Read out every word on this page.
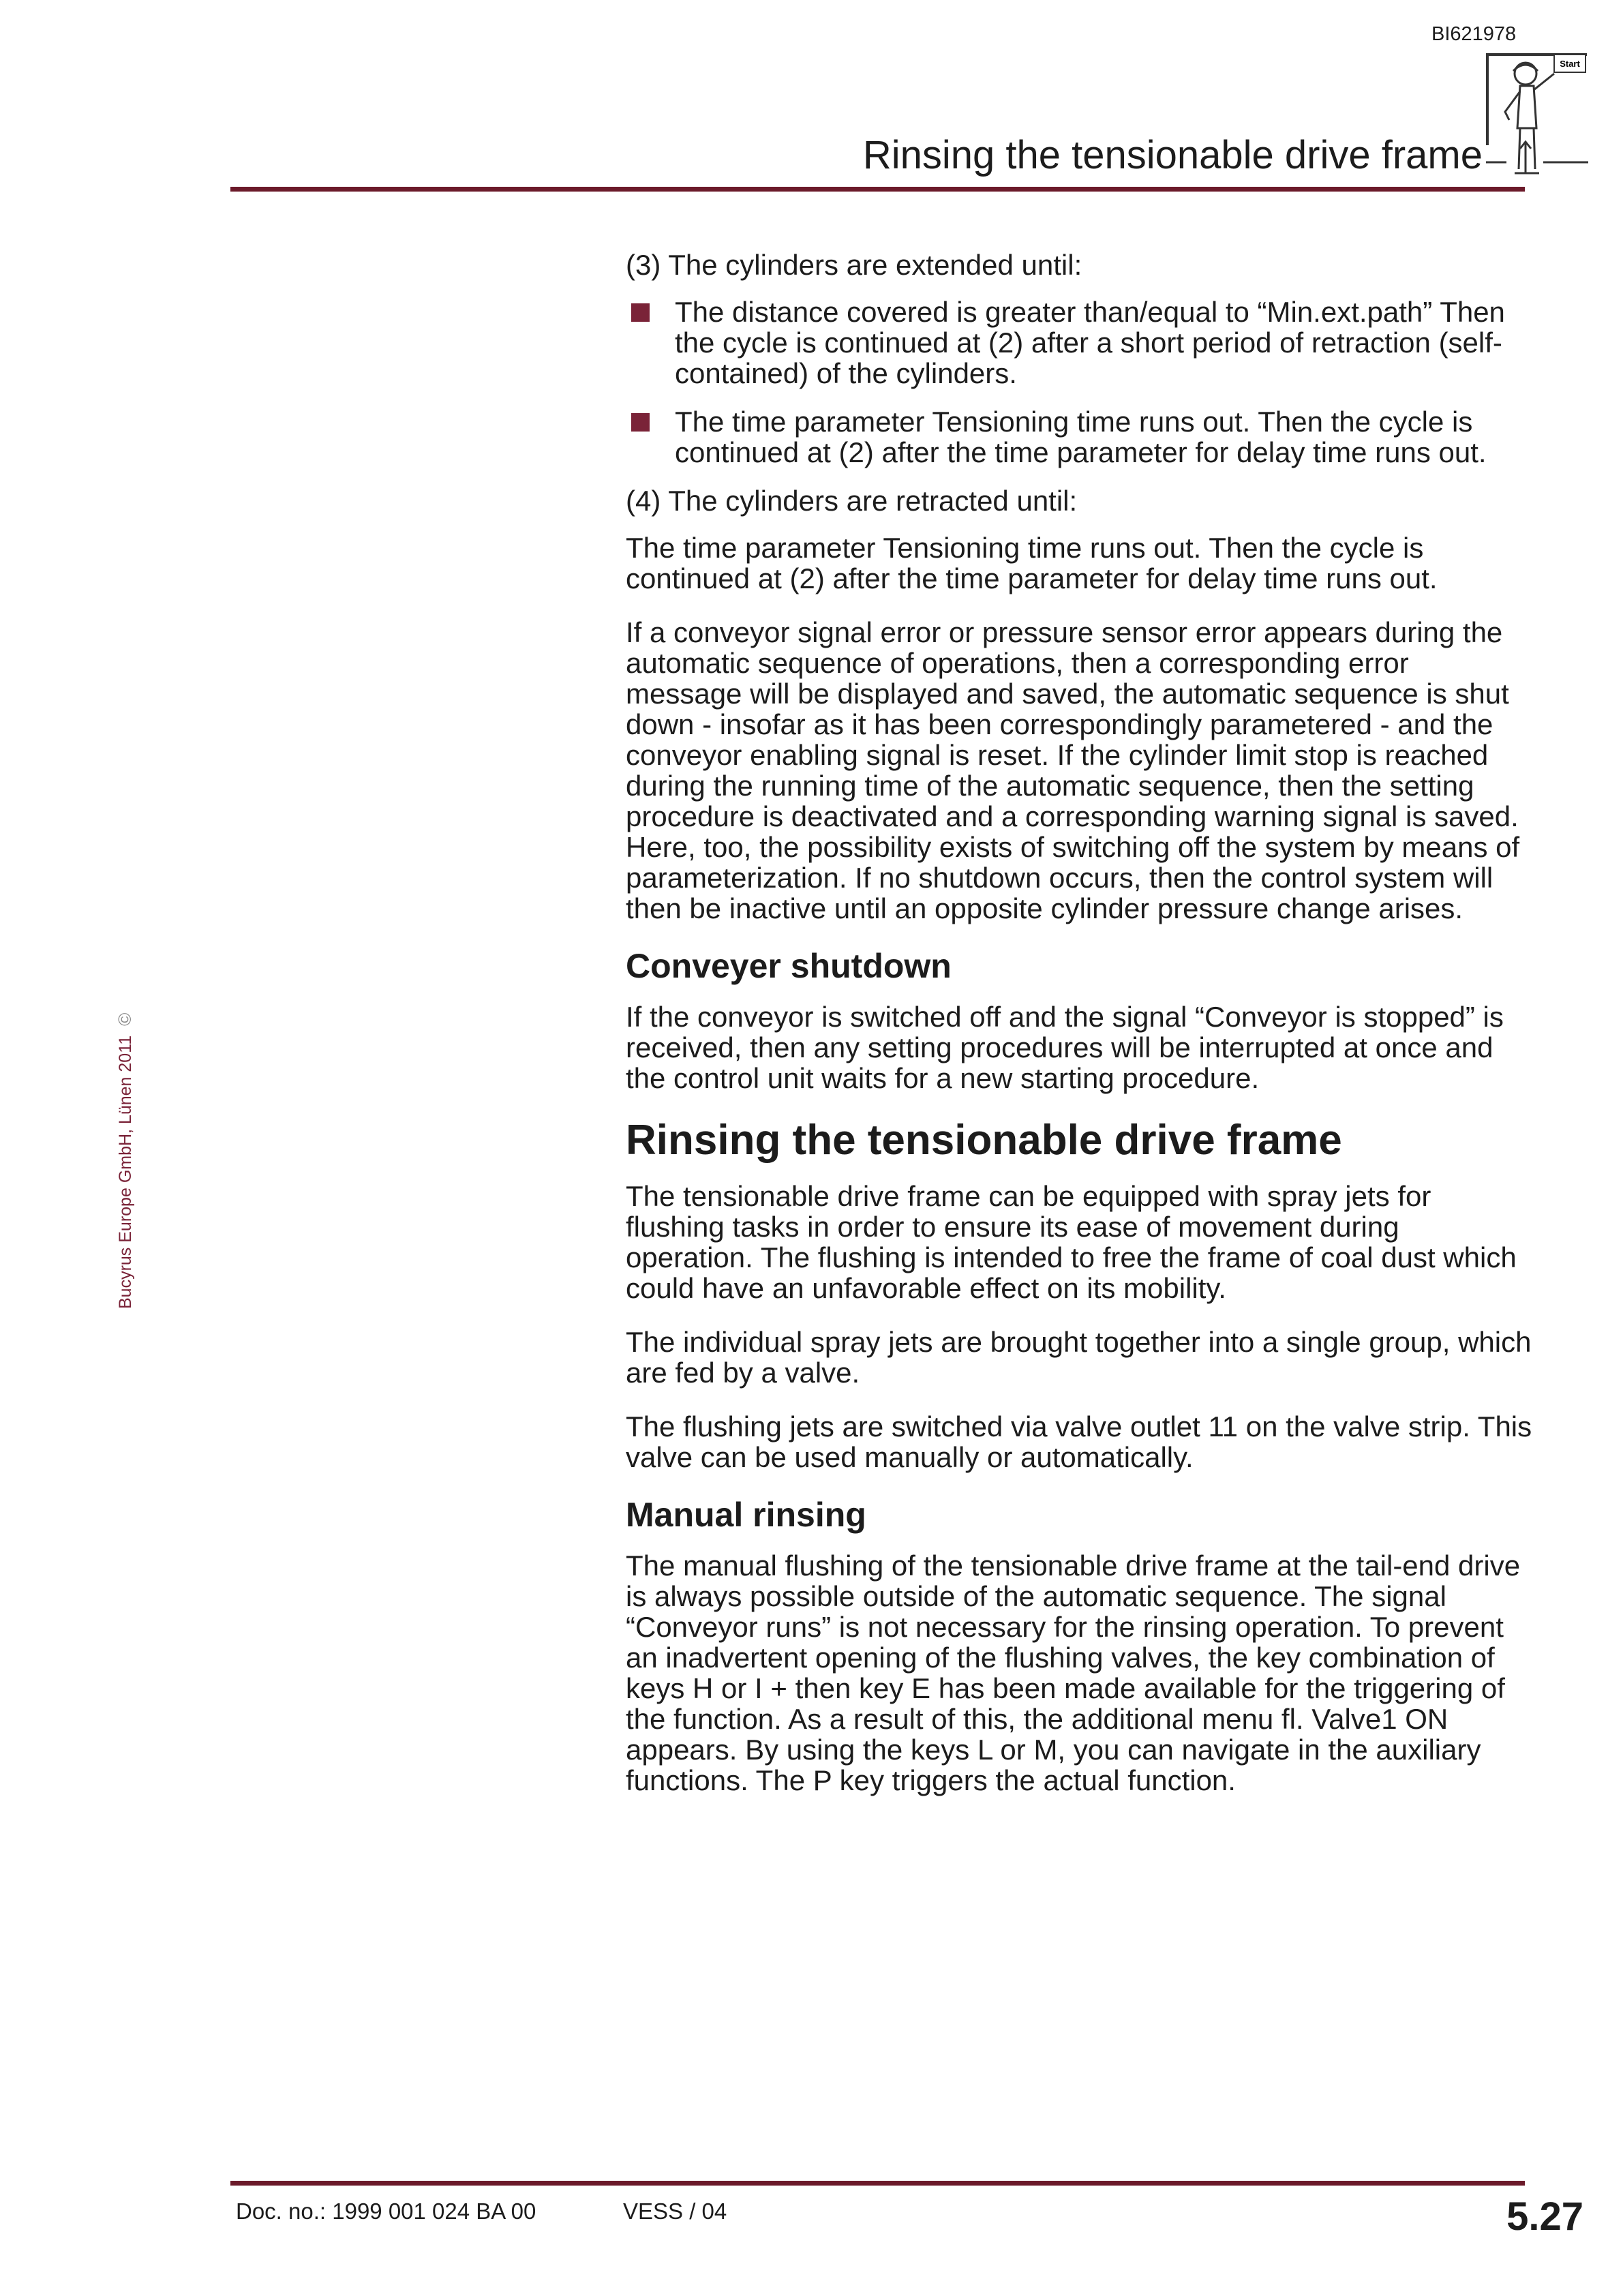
BI621978
Start
Rinsing the tensionable drive frame
Bucyrus Europe GmbH, Lünen 2011©

(3) The cylinders are extended until:

The distance covered is greater than/equal to “Min.ext.path” Then the cycle is continued at (2) after a short period of retraction (self-contained) of the cylinders.
The time parameter Tensioning time runs out. Then the cycle is continued at (2) after the time parameter for delay time runs out.

(4) The cylinders are retracted until:

The time parameter Tensioning time runs out. Then the cycle is continued at (2) after the time parameter for delay time runs out.

If a conveyor signal error or pressure sensor error appears during the automatic sequence of operations, then a corresponding error message will be displayed and saved, the automatic sequence is shut down - insofar as it has been correspondingly parametered - and the conveyor enabling signal is reset. If the cylinder limit stop is reached during the running time of the automatic sequence, then the setting procedure is deactivated and a corresponding warning signal is saved. Here, too, the possibility exists of switching off the system by means of parameterization. If no shutdown occurs, then the control system will then be inactive until an opposite cylinder pressure change arises.

Conveyer shutdown

If the conveyor is switched off and the signal “Conveyor is stopped” is received, then any setting procedures will be interrupted at once and the control unit waits for a new starting procedure.

Rinsing the tensionable drive frame

The tensionable drive frame can be equipped with spray jets for flushing tasks in order to ensure its ease of movement during operation. The flushing is intended to free the frame of coal dust which could have an unfavorable effect on its mobility.

The individual spray jets are brought together into a single group, which are fed by a valve.

The flushing jets are switched via valve outlet 11 on the valve strip. This valve can be used manually or automatically.

Manual rinsing

The manual flushing of the tensionable drive frame at the tail-end drive is always possible outside of the automatic sequence. The signal “Conveyor runs” is not necessary for the rinsing operation. To prevent an inadvertent opening of the flushing valves, the key combination of keys H or I + then key E has been made available for the triggering of the function. As a result of this, the additional menu fl. Valve1 ON appears. By using the keys L or M, you can navigate in the auxiliary functions. The P key triggers the actual function.

Doc. no.: 1999 001 024 BA 00	VESS / 04	5.27
